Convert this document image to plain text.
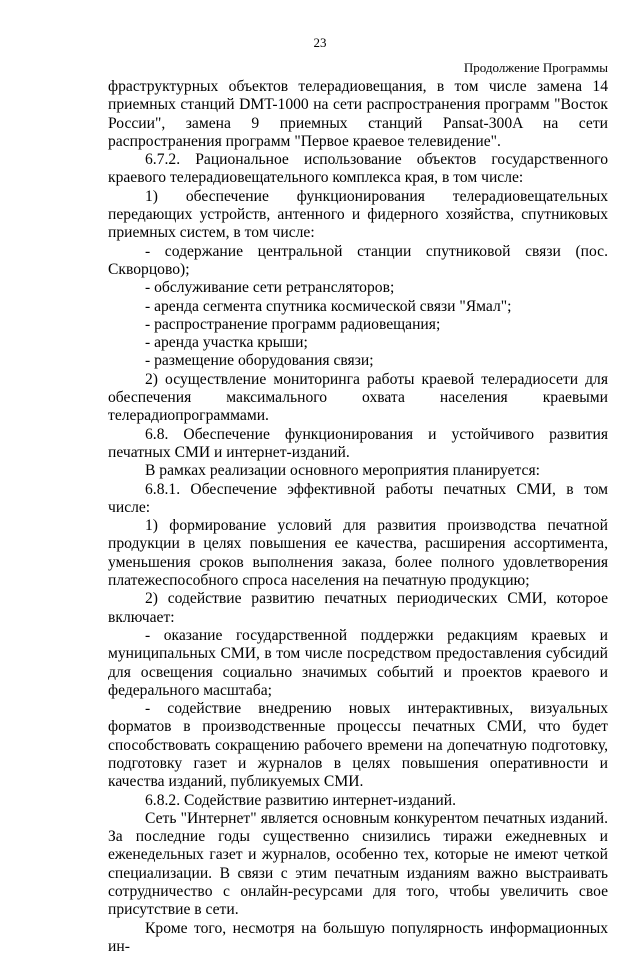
23
Продолжение Программы

фраструктурных объектов телерадиовещания, в том числе замена 14 приемных станций DMT-1000 на сети распространения программ "Восток России", замена 9 приемных станций Pansat-300A на сети распространения программ "Первое краевое телевидение".

6.7.2. Рациональное использование объектов государственного краевого телерадиовещательного комплекса края, в том числе:

1) обеспечение функционирования телерадиовещательных передающих устройств, антенного и фидерного хозяйства, спутниковых приемных систем, в том числе:

- содержание центральной станции спутниковой связи (пос. Скворцово);

- обслуживание сети ретрансляторов;

- аренда сегмента спутника космической связи "Ямал";

- распространение программ радиовещания;

- аренда участка крыши;

- размещение оборудования связи;

2) осуществление мониторинга работы краевой телерадиосети для обеспечения максимального охвата населения краевыми телерадиопрограммами.

6.8. Обеспечение функционирования и устойчивого развития печатных СМИ и интернет-изданий.

В рамках реализации основного мероприятия планируется:

6.8.1. Обеспечение эффективной работы печатных СМИ, в том числе:

1) формирование условий для развития производства печатной продукции в целях повышения ее качества, расширения ассортимента, уменьшения сроков выполнения заказа, более полного удовлетворения платежеспособного спроса населения на печатную продукцию;

2) содействие развитию печатных периодических СМИ, которое включает:

- оказание государственной поддержки редакциям краевых и муниципальных СМИ, в том числе посредством предоставления субсидий для освещения социально значимых событий и проектов краевого и федерального масштаба;

- содействие внедрению новых интерактивных, визуальных форматов в производственные процессы печатных СМИ, что будет способствовать сокращению рабочего времени на допечатную подготовку, подготовку газет и журналов в целях повышения оперативности и качества изданий, публикуемых СМИ.

6.8.2. Содействие развитию интернет-изданий.

Сеть "Интернет" является основным конкурентом печатных изданий. За последние годы существенно снизились тиражи ежедневных и еженедельных газет и журналов, особенно тех, которые не имеют четкой специализации. В связи с этим печатным изданиям важно выстраивать сотрудничество с онлайн-ресурсами для того, чтобы увеличить свое присутствие в сети.

Кроме того, несмотря на большую популярность информационных ин-
